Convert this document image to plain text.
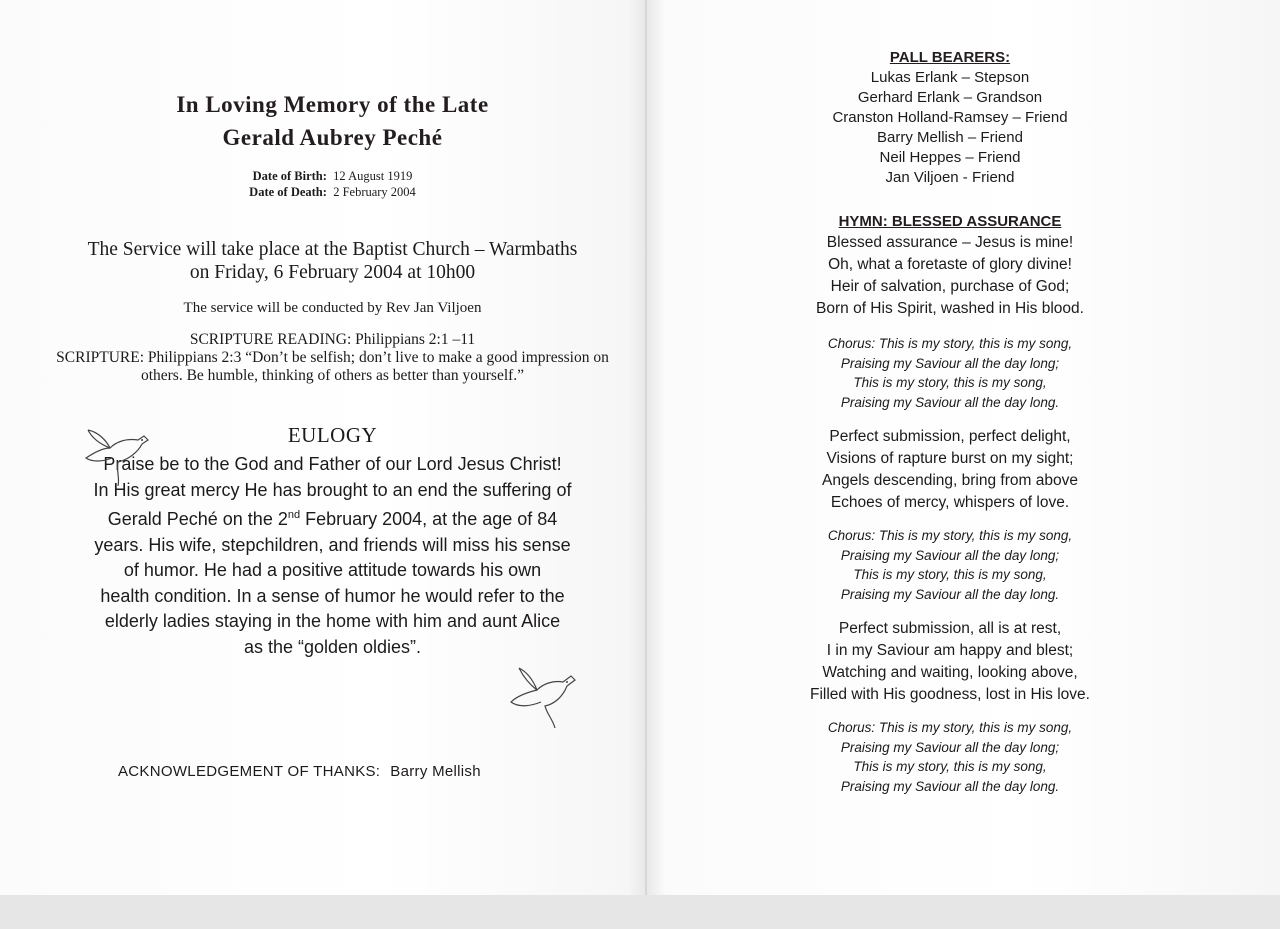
In Loving Memory of the Late
Gerald Aubrey Peché
Date of Birth: 12 August 1919
Date of Death: 2 February 2004
The Service will take place at the Baptist Church – Warmbaths
on Friday, 6 February 2004 at 10h00
The service will be conducted by Rev Jan Viljoen
SCRIPTURE READING: Philippians 2:1 –11
SCRIPTURE: Philippians 2:3 “Don’t be selfish; don’t live to make a good impression on others. Be humble, thinking of others as better than yourself.”
EULOGY
Praise be to the God and Father of our Lord Jesus Christ!
In His great mercy He has brought to an end the suffering of
Gerald Peché on the 2nd February 2004, at the age of 84
years. His wife, stepchildren, and friends will miss his sense
of humor. He had a positive attitude towards his own
health condition. In a sense of humor he would refer to the
elderly ladies staying in the home with him and aunt Alice
as the “golden oldies”.
ACKNOWLEDGEMENT OF THANKS: Barry Mellish
PALL BEARERS:
Lukas Erlank – Stepson
Gerhard Erlank – Grandson
Cranston Holland-Ramsey – Friend
Barry Mellish – Friend
Neil Heppes – Friend
Jan Viljoen - Friend
HYMN: BLESSED ASSURANCE
Blessed assurance – Jesus is mine!
Oh, what a foretaste of glory divine!
Heir of salvation, purchase of God;
Born of His Spirit, washed in His blood.
Chorus: This is my story, this is my song,
Praising my Saviour all the day long;
This is my story, this is my song,
Praising my Saviour all the day long.
Perfect submission, perfect delight,
Visions of rapture burst on my sight;
Angels descending, bring from above
Echoes of mercy, whispers of love.
Chorus: This is my story, this is my song,
Praising my Saviour all the day long;
This is my story, this is my song,
Praising my Saviour all the day long.
Perfect submission, all is at rest,
I in my Saviour am happy and blest;
Watching and waiting, looking above,
Filled with His goodness, lost in His love.
Chorus: This is my story, this is my song,
Praising my Saviour all the day long;
This is my story, this is my song,
Praising my Saviour all the day long.
